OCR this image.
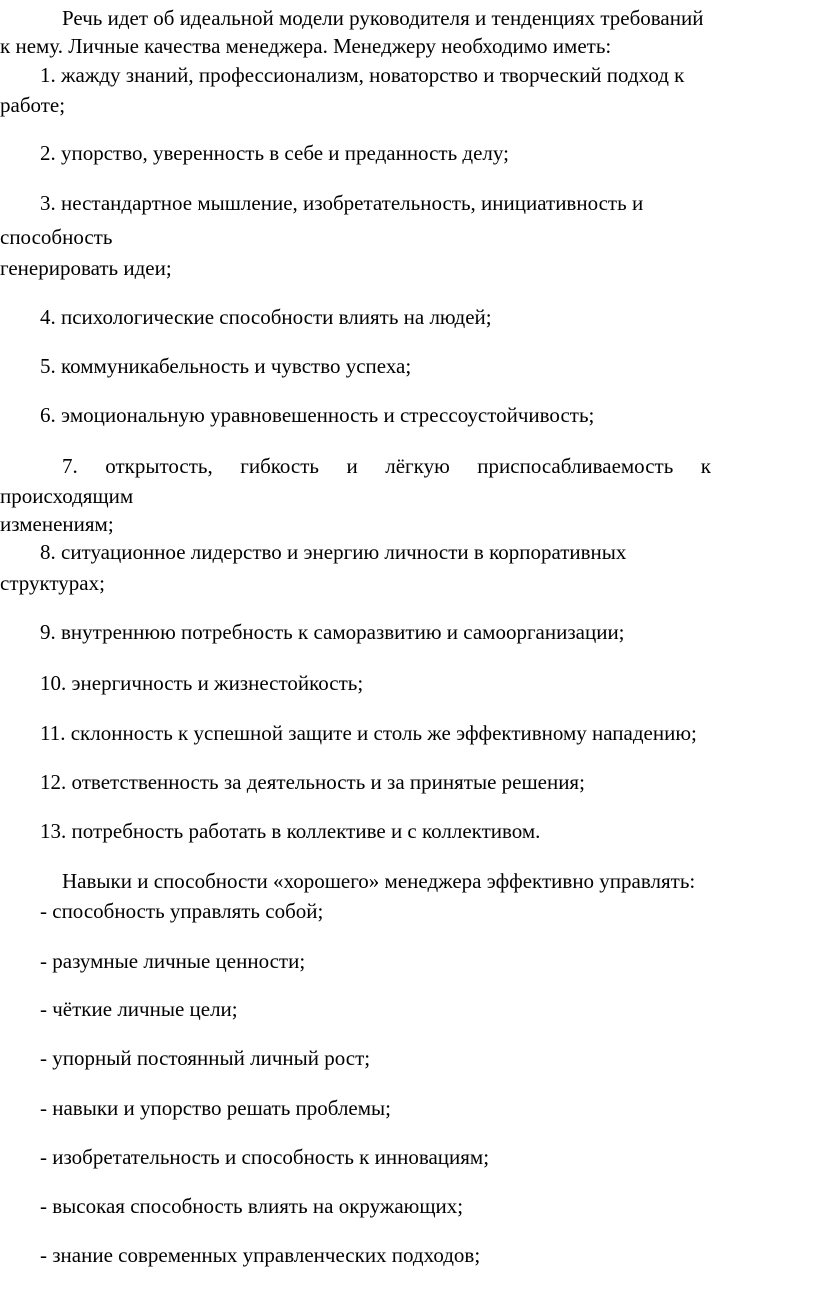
Речь идет об идеальной модели руководителя и тенденциях требований
к нему. Личные качества менеджера. Менеджеру необходимо иметь:
1. жажду знаний, профессионализм, новаторство и творческий подход к
работе;
2. упорство, уверенность в себе и преданность делу;
3. нестандартное мышление, изобретательность, инициативность и
способность
генерировать идеи;
4. психологические способности влиять на людей;
5. коммуникабельность и чувство успеха;
6. эмоциональную уравновешенность и стрессоустойчивость;
7. открытость, гибкость и лёгкую приспосабливаемость к
происходящим
изменениям;
8. ситуационное лидерство и энергию личности в корпоративных
структурах;
9. внутреннюю потребность к саморазвитию и самоорганизации;
10. энергичность и жизнестойкость;
11. склонность к успешной защите и столь же эффективному нападению;
12. ответственность за деятельность и за принятые решения;
13. потребность работать в коллективе и с коллективом.
Навыки и способности «хорошего» менеджера эффективно управлять:
- способность управлять собой;
- разумные личные ценности;
- чёткие личные цели;
- упорный постоянный личный рост;
- навыки и упорство решать проблемы;
- изобретательность и способность к инновациям;
- высокая способность влиять на окружающих;
- знание современных управленческих подходов;
